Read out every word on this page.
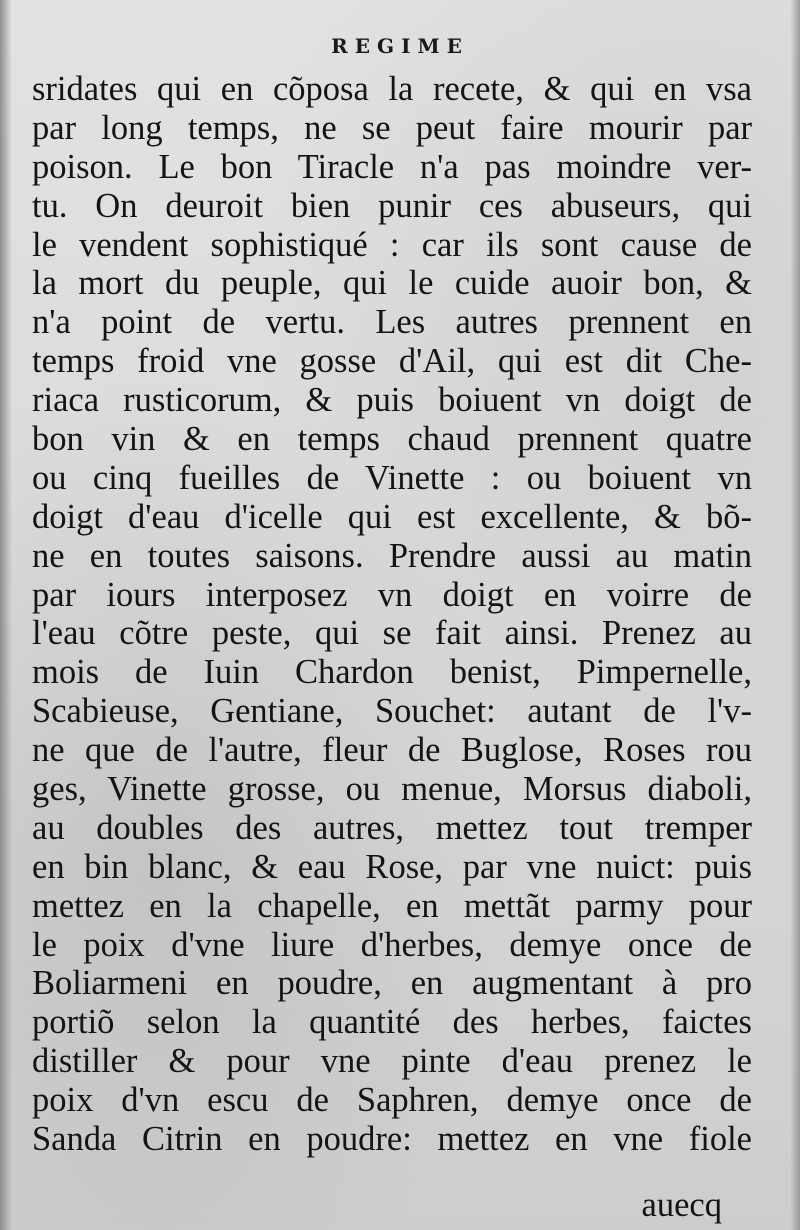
REGIME
sridates qui en cõposa la recete, & qui en vsa
par long temps, ne se peut faire mourir par
poison. Le bon Tiracle n'a pas moindre ver-
tu. On deuroit bien punir ces abuseurs, qui
le vendent sophistiqué : car ils sont cause de
la mort du peuple, qui le cuide auoir bon, &
n'a point de vertu. Les autres prennent en
temps froid vne gosse d'Ail, qui est dit Che-
riaca rusticorum, & puis boiuent vn doigt de
bon vin & en temps chaud prennent quatre
ou cinq fueilles de Vinette : ou boiuent vn
doigt d'eau d'icelle qui est excellente, & bõ-
ne en toutes saisons. Prendre aussi au matin
par iours interposez vn doigt en voirre de
l'eau cõtre peste, qui se fait ainsi. Prenez au
mois de Iuin Chardon benist, Pimpernelle,
Scabieuse, Gentiane, Souchet: autant de l'v-
ne que de l'autre, fleur de Buglose, Roses rou
ges, Vinette grosse, ou menue, Morsus diaboli,
au doubles des autres, mettez tout tremper
en bin blanc, & eau Rose, par vne nuict: puis
mettez en la chapelle, en mettãt parmy pour
le poix d'vne liure d'herbes, demye once de
Boliarmeni en poudre, en augmentant à pro
portiõ selon la quantité des herbes, faictes
distiller & pour vne pinte d'eau prenez le
poix d'vn escu de Saphren, demye once de
Sanda Citrin en poudre: mettez en vne fiole
auecq
